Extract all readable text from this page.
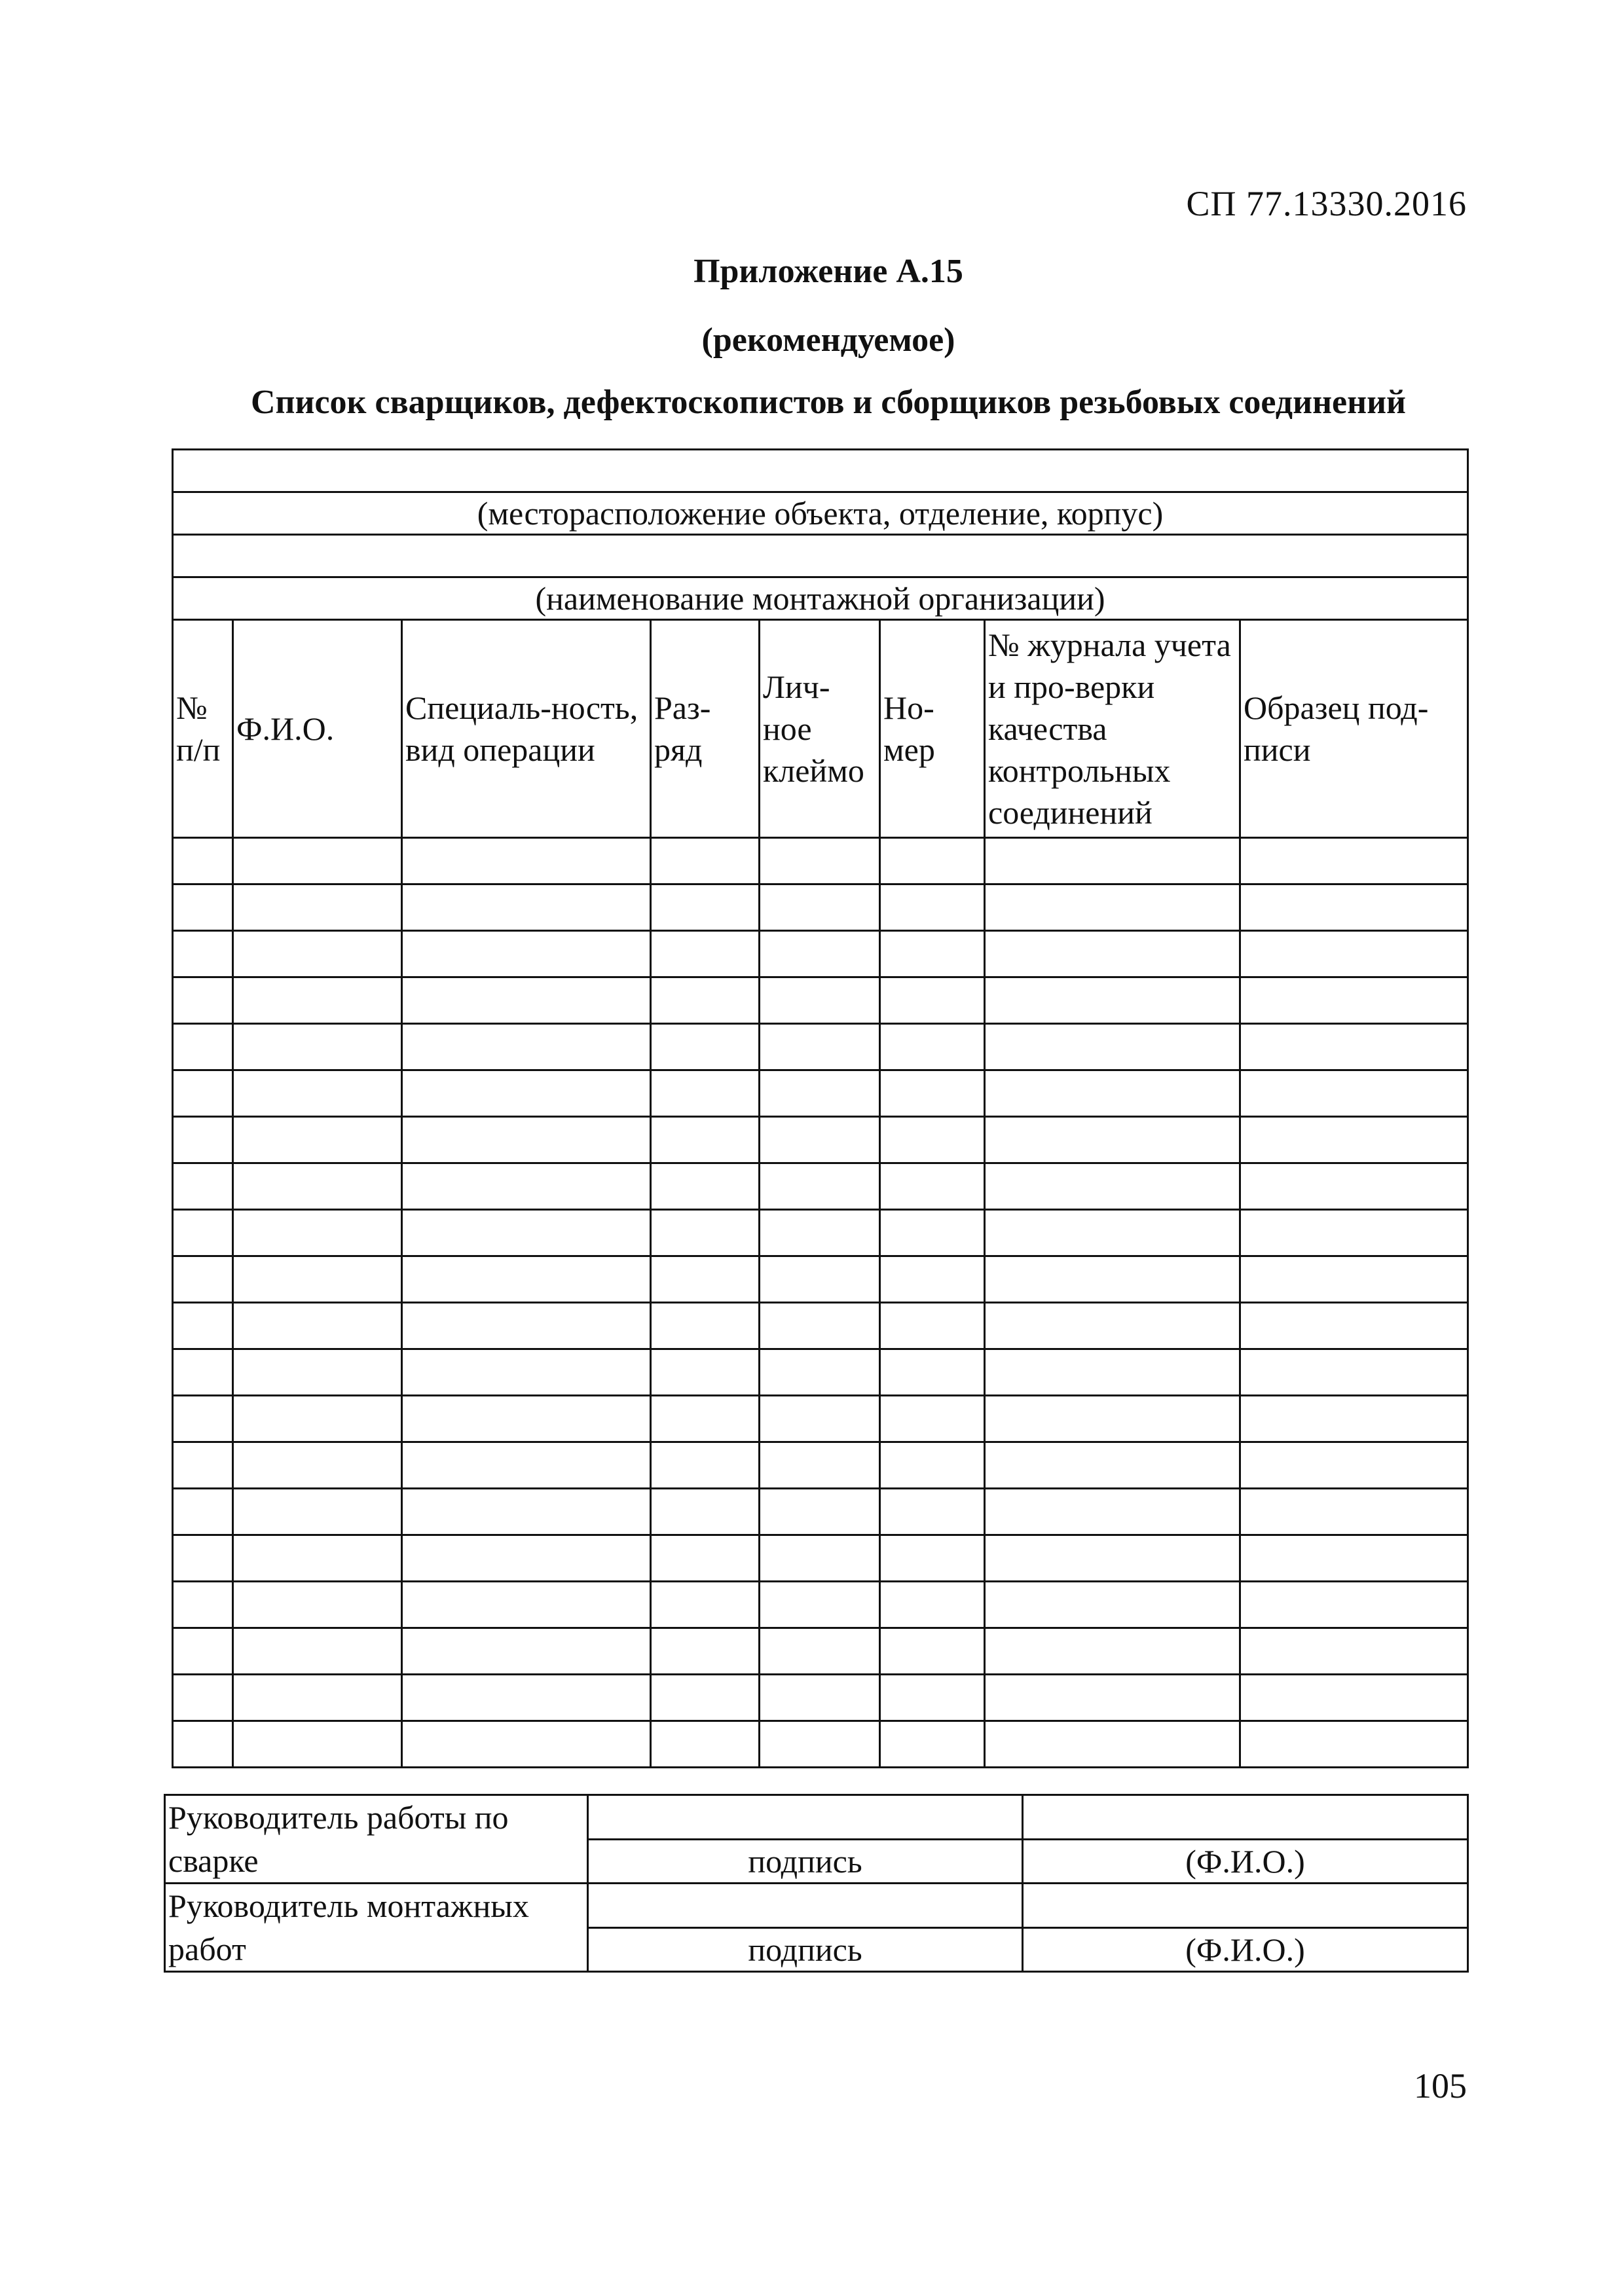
СП 77.13330.2016
Приложение А.15
(рекомендуемое)
Список сварщиков, дефектоскопистов и сборщиков резьбовых соединений

(месторасположение объекта, отделение, корпус)							

(наименование монтажной организации)							
№ п/п	Ф.И.О.	Специаль-ность, вид операции	Раз-ряд	Лич-ное клеймо	Но-мер	№ журнала учета и про-верки качества контрольных соединений	Образец под-писи

Руководитель работы по сварке		
	подпись	(Ф.И.О.)
Руководитель монтажных работ		
	подпись	(Ф.И.О.)
105
